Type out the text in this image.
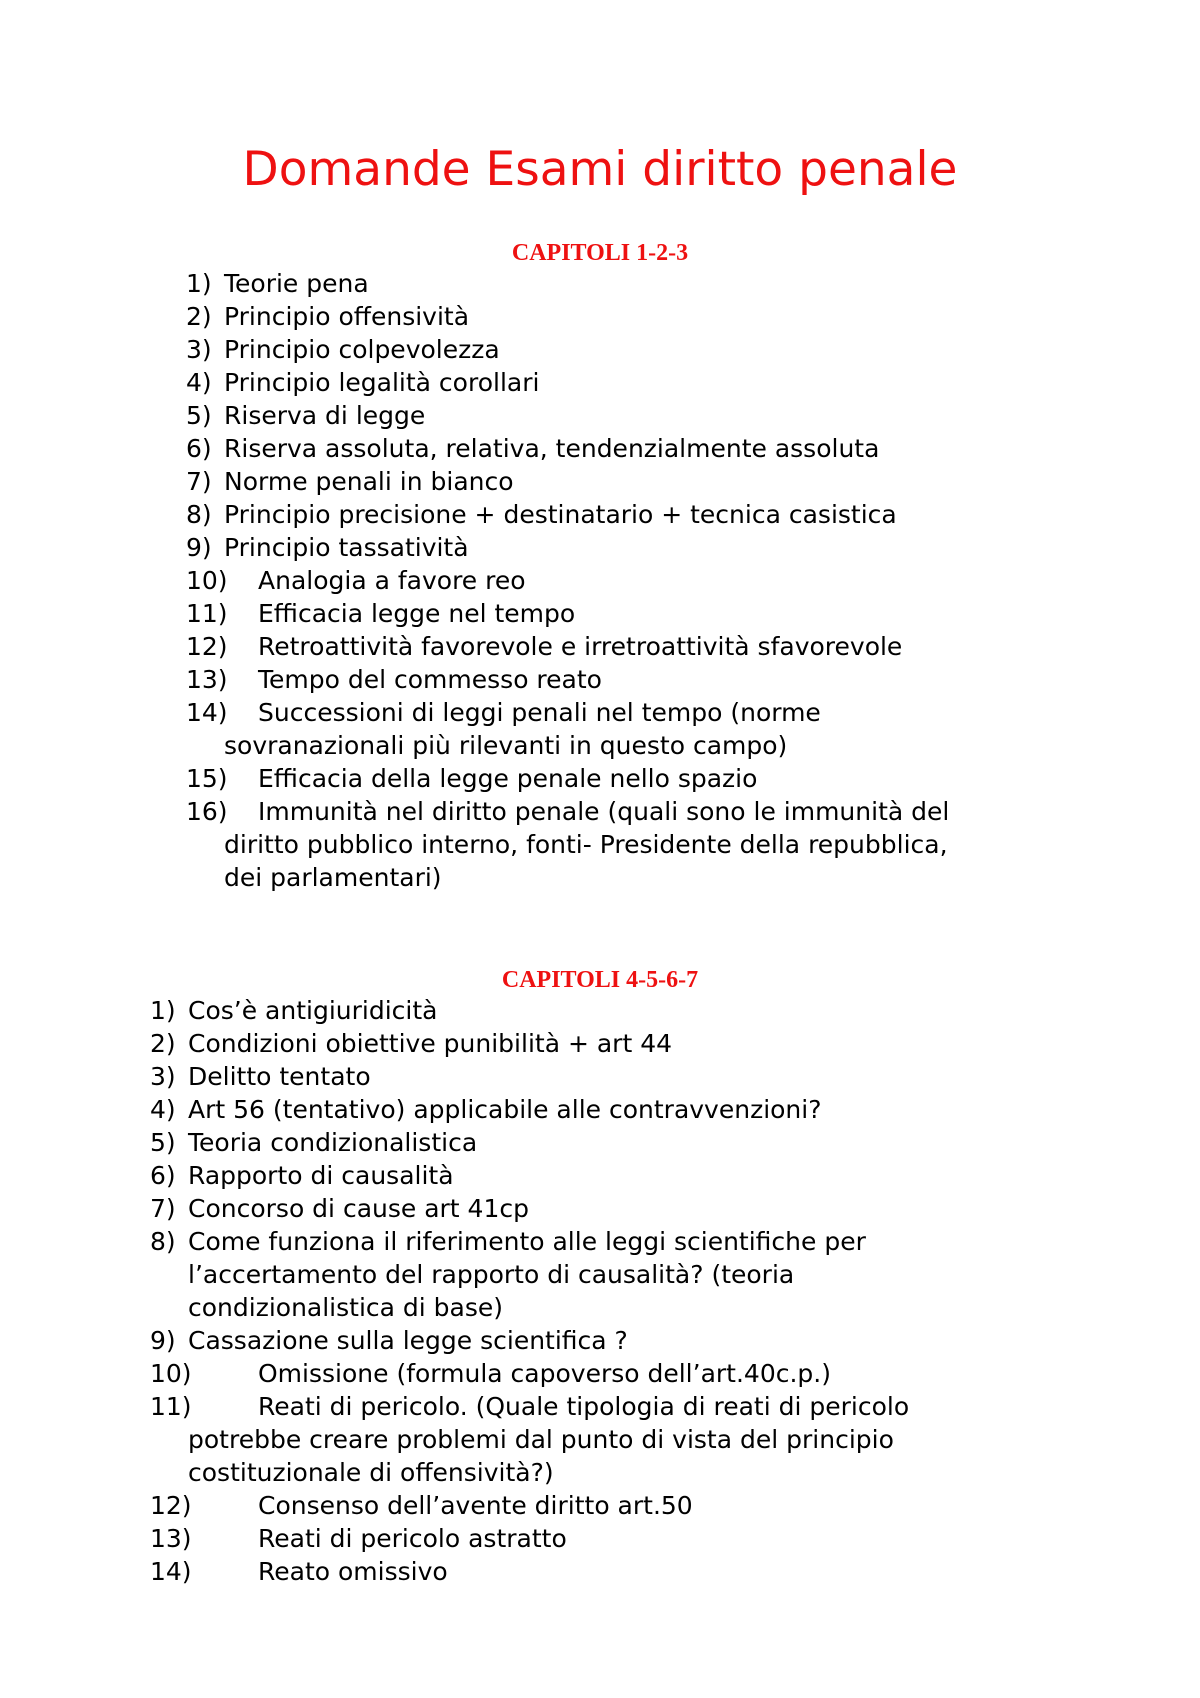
Domande Esami diritto penale
CAPITOLI 1-2-3
1) Teorie pena
2) Principio offensività
3) Principio colpevolezza
4) Principio legalità corollari
5) Riserva di legge
6) Riserva assoluta, relativa, tendenzialmente assoluta
7) Norme penali in bianco
8) Principio precisione + destinatario + tecnica casistica
9) Principio tassatività
10)	Analogia a favore reo
11)	Efficacia legge nel tempo
12)	Retroattività favorevole e irretroattività sfavorevole
13)	Tempo del commesso reato
14)	Successioni di leggi penali nel tempo (norme
sovranazionali più rilevanti in questo campo)
15)	Efficacia della legge penale nello spazio
16)	Immunità nel diritto penale (quali sono le immunità del
diritto pubblico interno, fonti- Presidente della repubblica,
dei parlamentari)
CAPITOLI 4-5-6-7
1) Cos’è antigiuridicità
2) Condizioni obiettive punibilità + art 44
3) Delitto tentato
4) Art 56 (tentativo) applicabile alle contravvenzioni?
5) Teoria condizionalistica
6) Rapporto di causalità
7) Concorso di cause art 41cp
8) Come funziona il riferimento alle leggi scientifiche per
l’accertamento del rapporto di causalità? (teoria
condizionalistica di base)
9) Cassazione sulla legge scientifica ?
10)	Omissione (formula capoverso dell’art.40c.p.)
11)	Reati di pericolo. (Quale tipologia di reati di pericolo
potrebbe creare problemi dal punto di vista del principio
costituzionale di offensività?)
12)	Consenso dell’avente diritto art.50
13)	Reati di pericolo astratto
14)	Reato omissivo
